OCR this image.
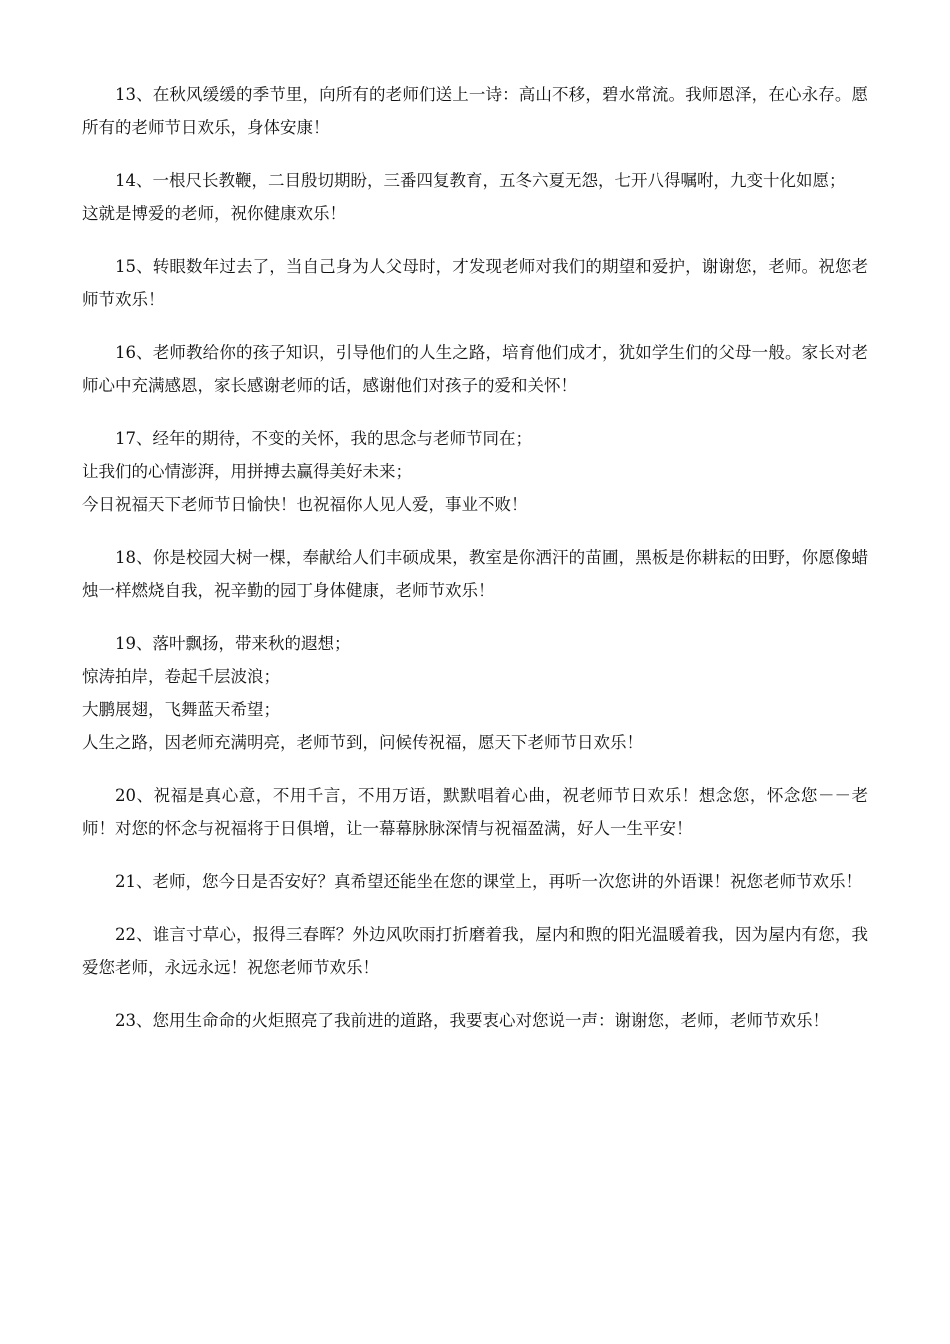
13、在秋风缓缓的季节里，向所有的老师们送上一诗：高山不移，碧水常流。我师恩泽，在心永存。愿所有的老师节日欢乐，身体安康！

14、一根尺长教鞭，二目殷切期盼，三番四复教育，五冬六夏无怨，七开八得嘱咐，九变十化如愿；

这就是博爱的老师，祝你健康欢乐！

15、转眼数年过去了，当自己身为人父母时，才发现老师对我们的期望和爱护，谢谢您，老师。祝您老师节欢乐！

16、老师教给你的孩子知识，引导他们的人生之路，培育他们成才，犹如学生们的父母一般。家长对老师心中充满感恩，家长感谢老师的话，感谢他们对孩子的爱和关怀！

17、经年的期待，不变的关怀，我的思念与老师节同在；

让我们的心情澎湃，用拼搏去赢得美好未来；

今日祝福天下老师节日愉快！也祝福你人见人爱，事业不败！

18、你是校园大树一棵，奉献给人们丰硕成果，教室是你洒汗的苗圃，黑板是你耕耘的田野，你愿像蜡烛一样燃烧自我，祝辛勤的园丁身体健康，老师节欢乐！

19、落叶飘扬，带来秋的遐想；

惊涛拍岸，卷起千层波浪；

大鹏展翅，飞舞蓝天希望；

人生之路，因老师充满明亮，老师节到，问候传祝福，愿天下老师节日欢乐！

20、祝福是真心意，不用千言，不用万语，默默唱着心曲，祝老师节日欢乐！想念您，怀念您－－老师！对您的怀念与祝福将于日俱增，让一幕幕脉脉深情与祝福盈满，好人一生平安！

21、老师，您今日是否安好？真希望还能坐在您的课堂上，再听一次您讲的外语课！祝您老师节欢乐！

22、谁言寸草心，报得三春晖？外边风吹雨打折磨着我，屋内和煦的阳光温暖着我，因为屋内有您，我爱您老师，永远永远！祝您老师节欢乐！

23、您用生命命的火炬照亮了我前进的道路，我要衷心对您说一声：谢谢您，老师，老师节欢乐！
